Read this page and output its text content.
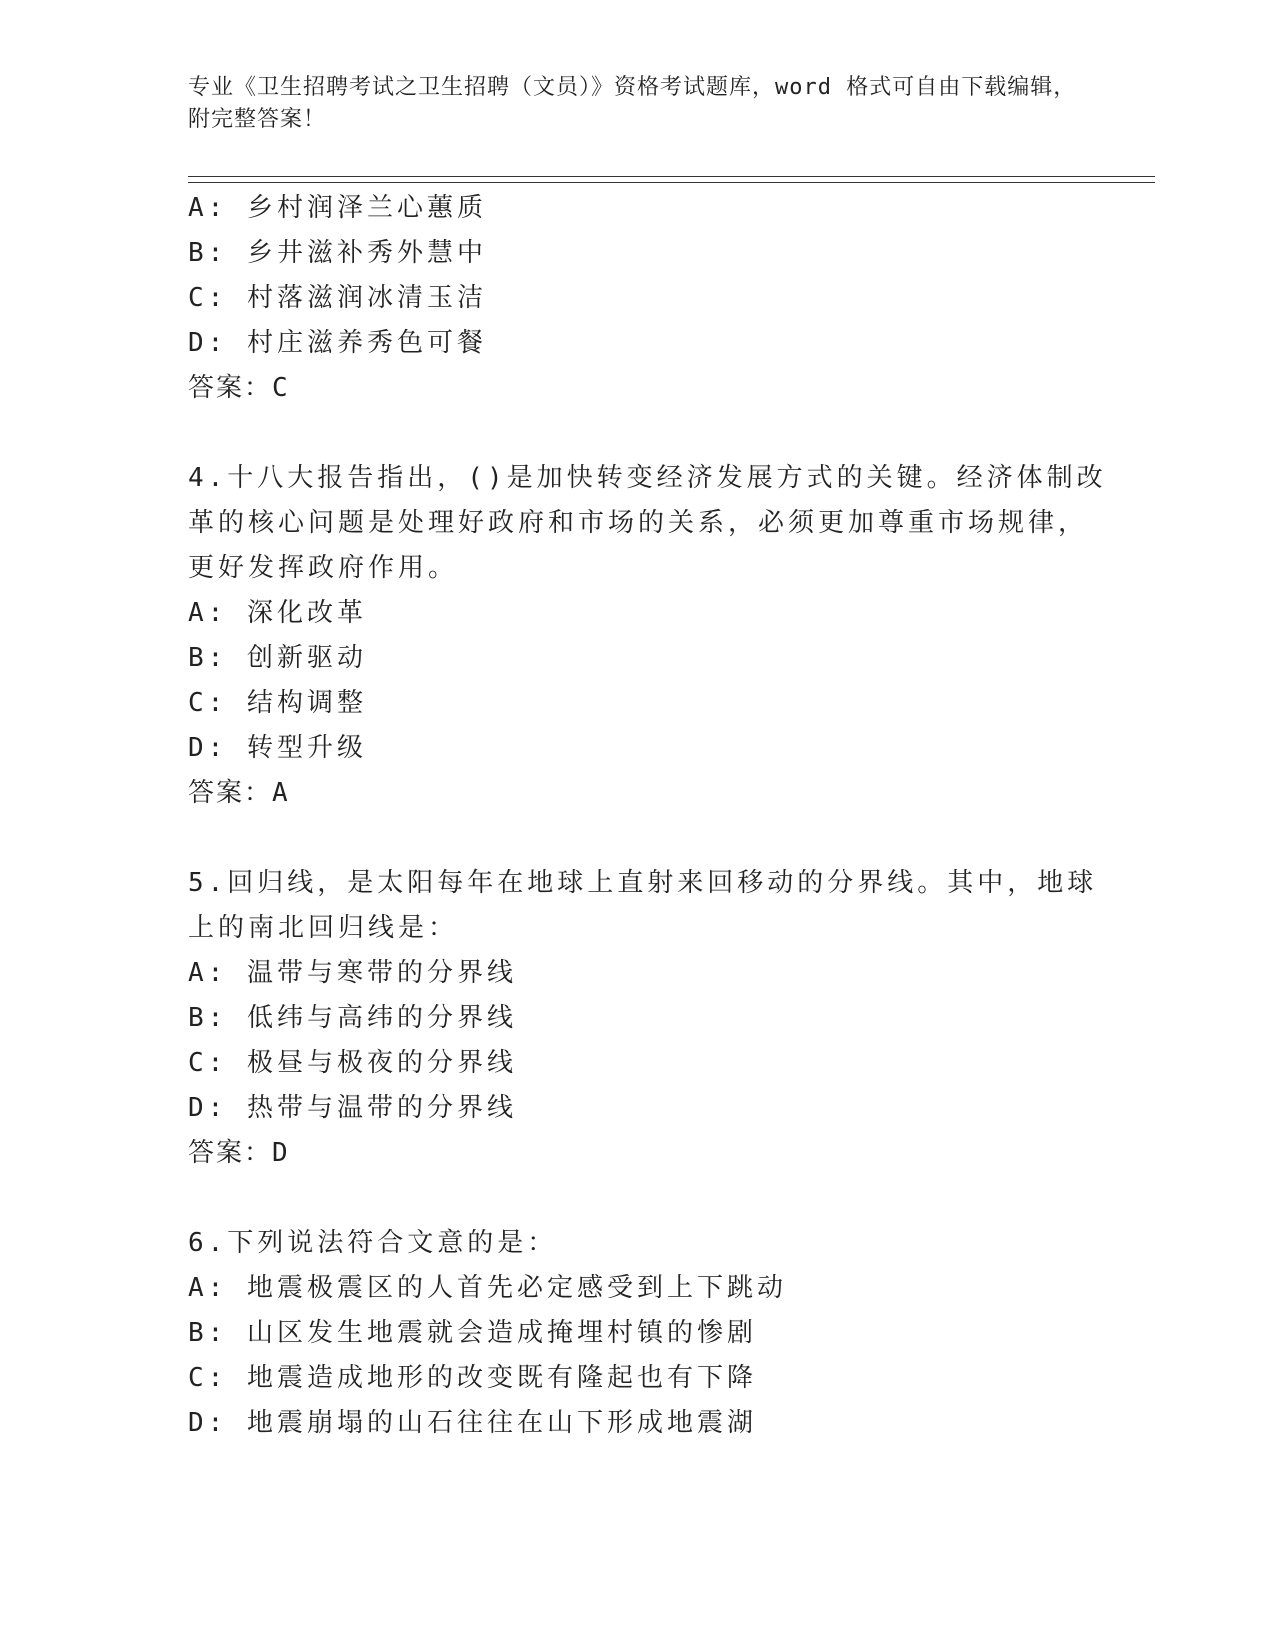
专业《卫生招聘考试之卫生招聘（文员）》资格考试题库，word 格式可自由下载编辑，附完整答案！
A: 乡村润泽兰心蕙质
B: 乡井滋补秀外慧中
C: 村落滋润冰清玉洁
D: 村庄滋养秀色可餐
答案：C
4.十八大报告指出，()是加快转变经济发展方式的关键。经济体制改
革的核心问题是处理好政府和市场的关系，必须更加尊重市场规律，
更好发挥政府作用。
A: 深化改革
B: 创新驱动
C: 结构调整
D: 转型升级
答案：A
5.回归线，是太阳每年在地球上直射来回移动的分界线。其中，地球
上的南北回归线是：
A: 温带与寒带的分界线
B: 低纬与高纬的分界线
C: 极昼与极夜的分界线
D: 热带与温带的分界线
答案：D
6.下列说法符合文意的是：
A: 地震极震区的人首先必定感受到上下跳动
B: 山区发生地震就会造成掩埋村镇的惨剧
C: 地震造成地形的改变既有隆起也有下降
D: 地震崩塌的山石往往在山下形成地震湖
